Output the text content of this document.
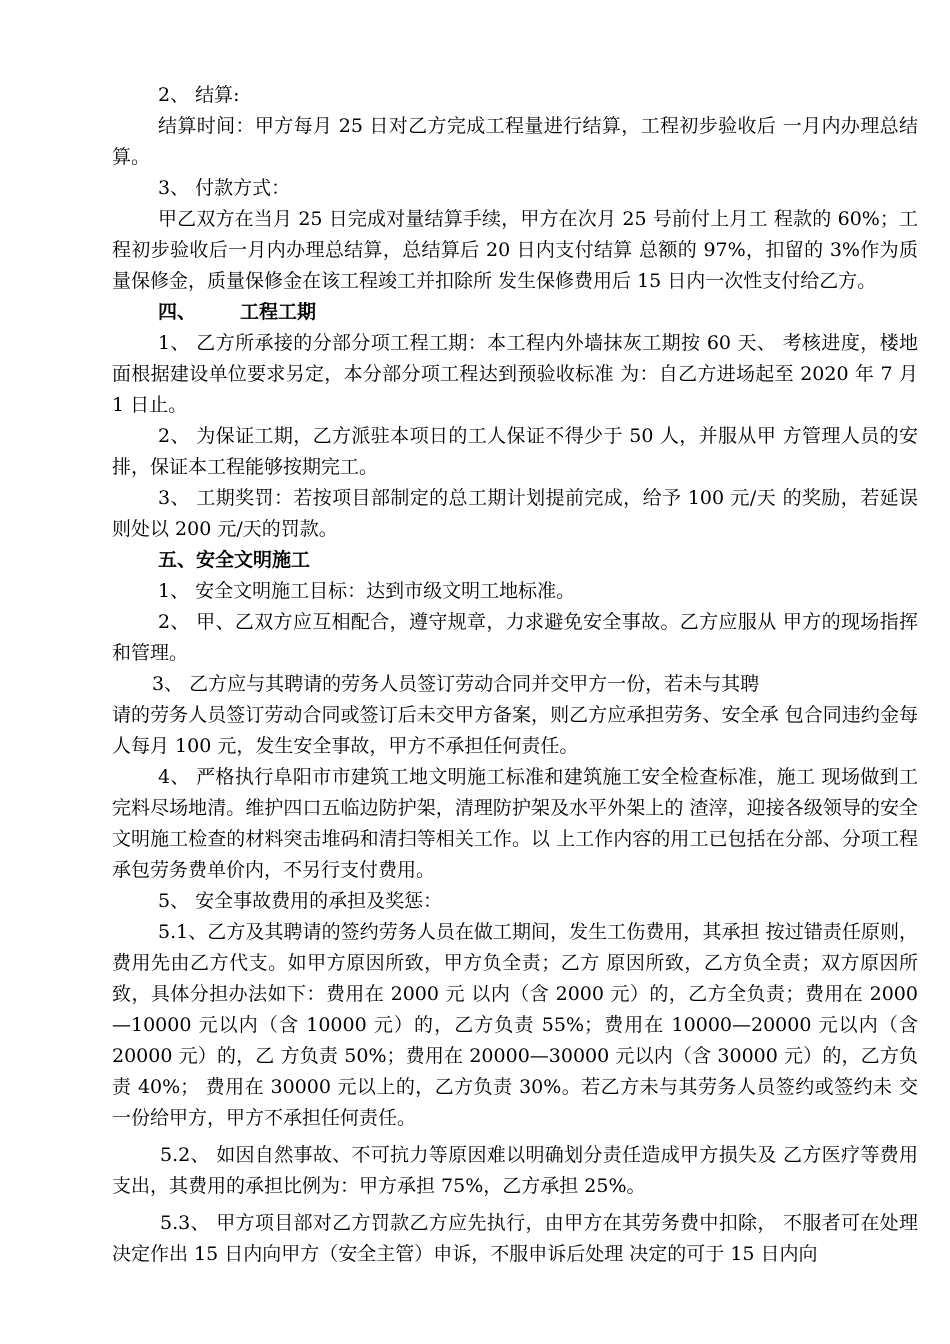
2、 结算:

结算时间：甲方每月 25 日对乙方完成工程量进行结算，工程初步验收后 一月内办理总结算。

3、 付款方式：

甲乙双方在当月 25 日完成对量结算手续，甲方在次月 25 号前付上月工 程款的 60%；工程初步验收后一月内办理总结算，总结算后 20 日内支付结算 总额的 97%，扣留的 3%作为质量保修金，质量保修金在该工程竣工并扣除所 发生保修费用后 15 日内一次性支付给乙方。

四、 工程工期

1、 乙方所承接的分部分项工程工期：本工程内外墙抹灰工期按 60 天、 考核进度，楼地面根据建设单位要求另定，本分部分项工程达到预验收标准 为：自乙方进场起至 2020 年 7 月 1 日止。

2、 为保证工期，乙方派驻本项日的工人保证不得少于 50 人，并服从甲 方管理人员的安排，保证本工程能够按期完工。

3、 工期奖罚：若按项目部制定的总工期计划提前完成，给予 100 元/天 的奖励，若延误则处以 200 元/天的罚款。

五、安全文明施工

1、 安全文明施工目标：达到市级文明工地标准。

2、 甲、乙双方应互相配合，遵守规章，力求避免安全事故。乙方应服从 甲方的现场指挥和管理。

3、 乙方应与其聘请的劳务人员签订劳动合同并交甲方一份，若未与其聘

请的劳务人员签订劳动合同或签订后未交甲方备案，则乙方应承担劳务、安全承 包合同违约金每人每月 100 元，发生安全事故，甲方不承担任何责任。

4、 严格执行阜阳市市建筑工地文明施工标准和建筑施工安全检查标准，施工 现场做到工完料尽场地清。维护四口五临边防护架，清理防护架及水平外架上的 渣滓，迎接各级领导的安全文明施工检查的材料突击堆码和清扫等相关工作。以 上工作内容的用工已包括在分部、分项工程承包劳务费单价内，不另行支付费用。

5、 安全事故费用的承担及奖惩：

5.1、乙方及其聘请的签约劳务人员在做工期间，发生工伤费用，其承担 按过错责任原则，费用先由乙方代支。如甲方原因所致，甲方负全责；乙方 原因所致，乙方负全责；双方原因所致，具体分担办法如下：费用在 2000 元 以内（含 2000 元）的，乙方全负责；费用在 2000—10000 元以内（含 10000 元）的，乙方负责 55%；费用在 10000—20000 元以内（含 20000 元）的，乙 方负责 50%；费用在 20000—30000 元以内（含 30000 元）的，乙方负责 40%； 费用在 30000 元以上的，乙方负责 30%。若乙方未与其劳务人员签约或签约未 交一份给甲方，甲方不承担任何责任。

5.2、 如因自然事故、不可抗力等原因难以明确划分责任造成甲方损失及 乙方医疗等费用支出，其费用的承担比例为：甲方承担 75%，乙方承担 25%。

5.3、 甲方项目部对乙方罚款乙方应先执行，由甲方在其劳务费中扣除， 不服者可在处理决定作出 15 日内向甲方（安全主管）申诉，不服申诉后处理 决定的可于 15 日内向
